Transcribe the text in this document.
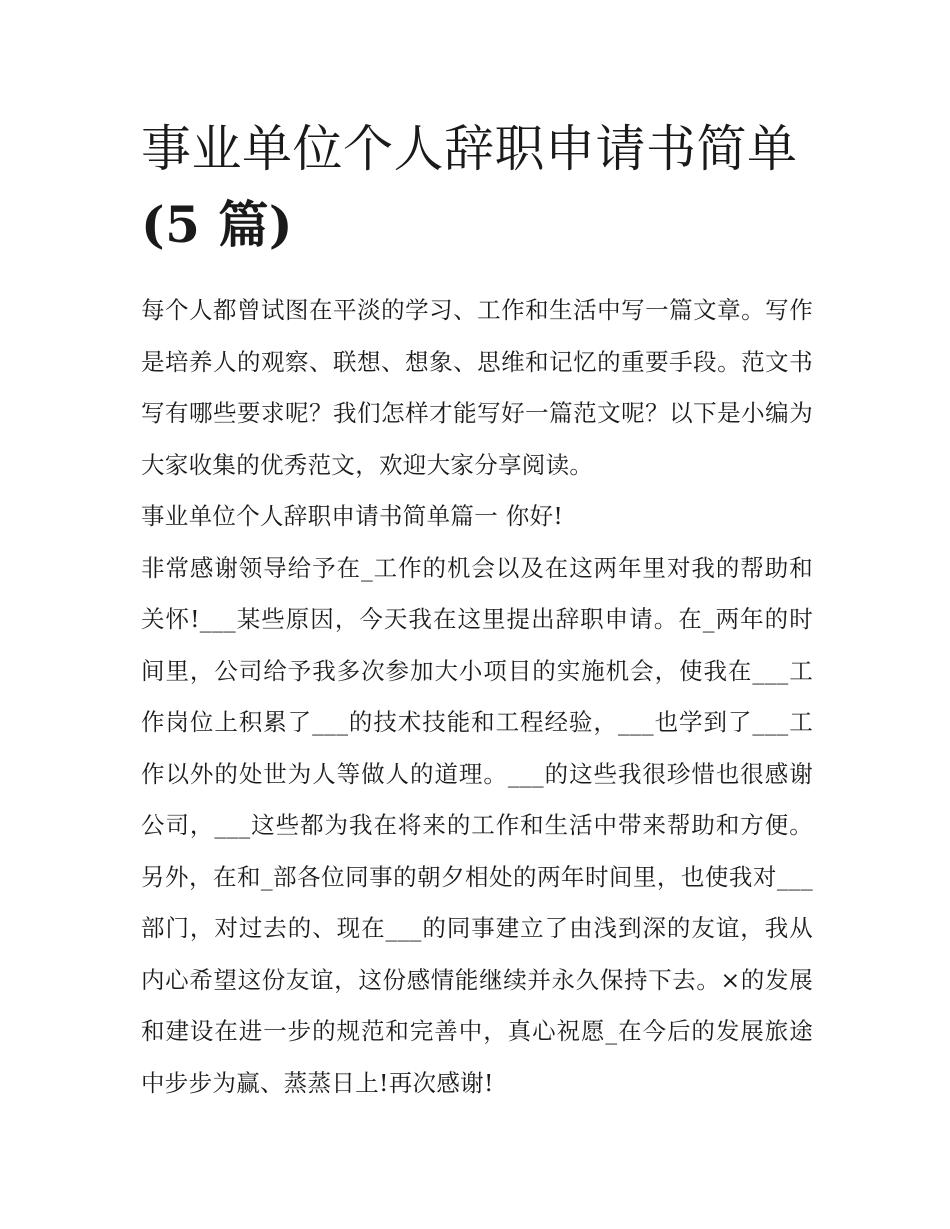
事业单位个人辞职申请书简单
(5 篇)

每个人都曾试图在平淡的学习、工作和生活中写一篇文章。写作是培养人的观察、联想、想象、思维和记忆的重要手段。范文书写有哪些要求呢？我们怎样才能写好一篇范文呢？以下是小编为大家收集的优秀范文，欢迎大家分享阅读。

事业单位个人辞职申请书简单篇一 你好!

非常感谢领导给予在_工作的机会以及在这两年里对我的帮助和关怀!___某些原因，今天我在这里提出辞职申请。在_两年的时间里，公司给予我多次参加大小项目的实施机会，使我在___工作岗位上积累了___的技术技能和工程经验，___也学到了___工作以外的处世为人等做人的道理。___的这些我很珍惜也很感谢公司，___这些都为我在将来的工作和生活中带来帮助和方便。另外，在和_部各位同事的朝夕相处的两年时间里，也使我对___部门，对过去的、现在___的同事建立了由浅到深的友谊，我从内心希望这份友谊，这份感情能继续并永久保持下去。×的发展和建设在进一步的规范和完善中，真心祝愿_在今后的发展旅途中步步为赢、蒸蒸日上!再次感谢!
